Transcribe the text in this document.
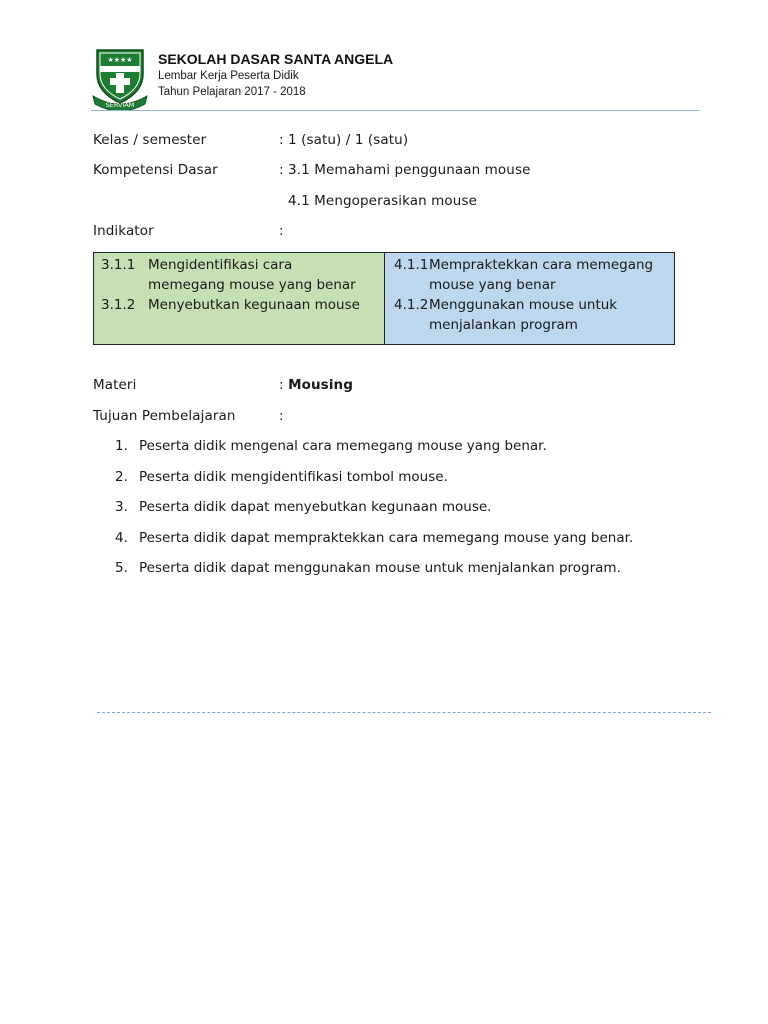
★★★★
SERVIAM
SEKOLAH DASAR SANTA ANGELA
Lembar Kerja Peserta Didik
Tahun Pelajaran 2017 - 2018
Kelas / semester	: 1 (satu) / 1 (satu)
Kompetensi Dasar	: 3.1 Memahami penggunaan mouse
4.1 Mengoperasikan mouse
Indikator	:
3.1.1 Mengidentifikasi cara memegang mouse yang benar
3.1.2 Menyebutkan kegunaan mouse
4.1.1 Mempraktekkan cara memegang mouse yang benar
4.1.2 Menggunakan mouse untuk menjalankan program
Materi	: Mousing
Tujuan Pembelajaran	:
1. Peserta didik mengenal cara memegang mouse yang benar.
2. Peserta didik mengidentifikasi tombol mouse.
3. Peserta didik dapat menyebutkan kegunaan mouse.
4. Peserta didik dapat mempraktekkan cara memegang mouse yang benar.
5. Peserta didik dapat menggunakan mouse untuk menjalankan program.
